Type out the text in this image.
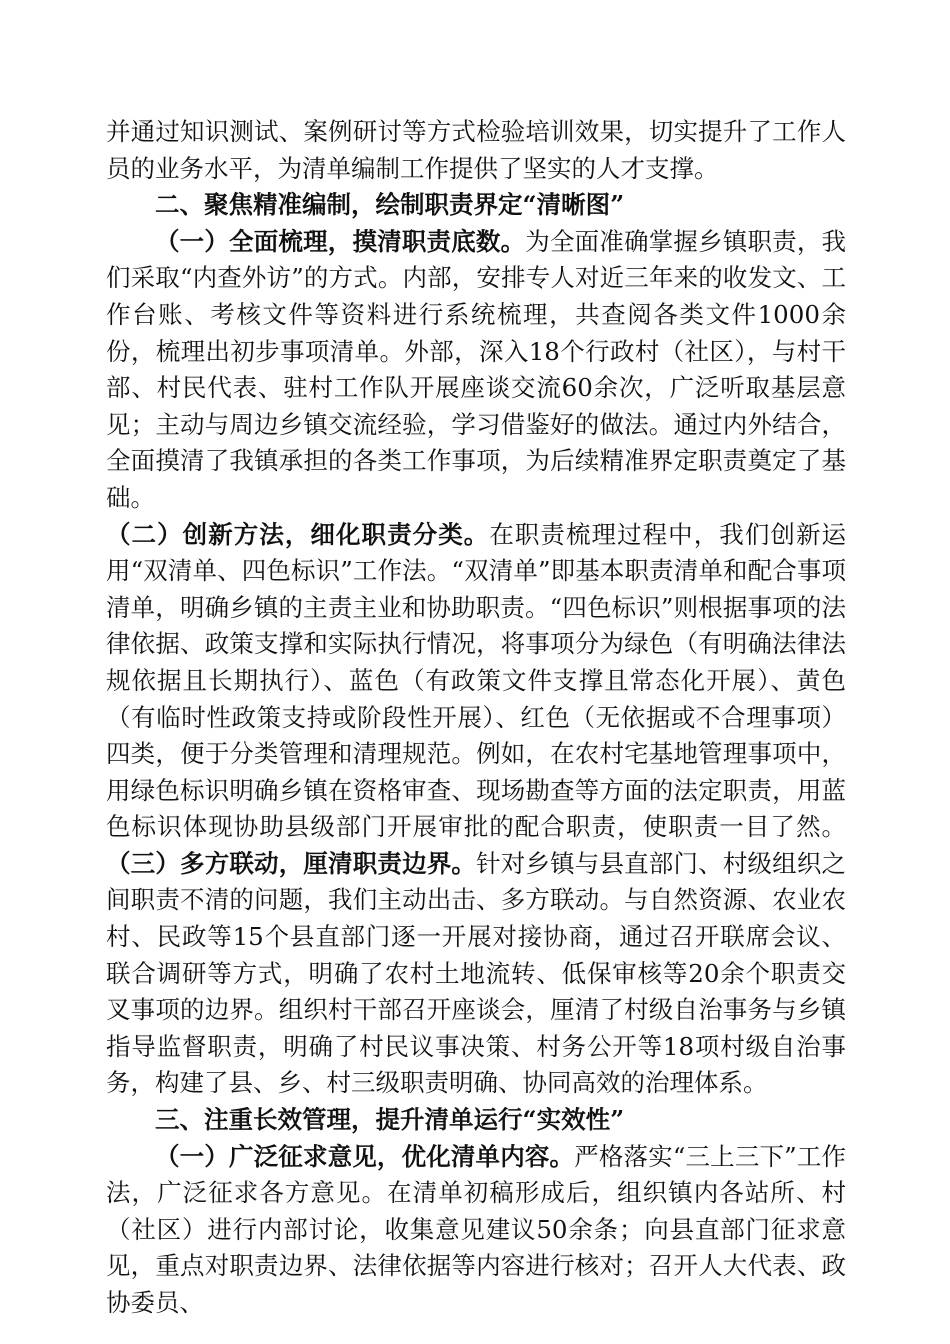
并通过知识测试、案例研讨等方式检验培训效果，切实提升了工作人员的业务水平，为清单编制工作提供了坚实的人才支撑。

二、聚焦精准编制，绘制职责界定“清晰图”

（一）全面梳理，摸清职责底数。为全面准确掌握乡镇职责，我们采取“内查外访”的方式。内部，安排专人对近三年来的收发文、工作台账、考核文件等资料进行系统梳理，共查阅各类文件1000余份，梳理出初步事项清单。外部，深入18个行政村（社区），与村干部、村民代表、驻村工作队开展座谈交流60余次，广泛听取基层意见；主动与周边乡镇交流经验，学习借鉴好的做法。通过内外结合，全面摸清了我镇承担的各类工作事项，为后续精准界定职责奠定了基础。

（二）创新方法，细化职责分类。在职责梳理过程中，我们创新运用“双清单、四色标识”工作法。“双清单”即基本职责清单和配合事项清单，明确乡镇的主责主业和协助职责。“四色标识”则根据事项的法律依据、政策支撑和实际执行情况，将事项分为绿色（有明确法律法规依据且长期执行）、蓝色（有政策文件支撑且常态化开展）、黄色（有临时性政策支持或阶段性开展）、红色（无依据或不合理事项）四类，便于分类管理和清理规范。例如，在农村宅基地管理事项中，用绿色标识明确乡镇在资格审查、现场勘查等方面的法定职责，用蓝色标识体现协助县级部门开展审批的配合职责，使职责一目了然。（三）多方联动，厘清职责边界。针对乡镇与县直部门、村级组织之间职责不清的问题，我们主动出击、多方联动。与自然资源、农业农村、民政等15个县直部门逐一开展对接协商，通过召开联席会议、联合调研等方式，明确了农村土地流转、低保审核等20余个职责交叉事项的边界。组织村干部召开座谈会，厘清了村级自治事务与乡镇指导监督职责，明确了村民议事决策、村务公开等18项村级自治事务，构建了县、乡、村三级职责明确、协同高效的治理体系。

三、注重长效管理，提升清单运行“实效性”

（一）广泛征求意见，优化清单内容。严格落实“三上三下”工作法，广泛征求各方意见。在清单初稿形成后，组织镇内各站所、村（社区）进行内部讨论，收集意见建议50余条；向县直部门征求意见，重点对职责边界、法律依据等内容进行核对；召开人大代表、政协委员、
